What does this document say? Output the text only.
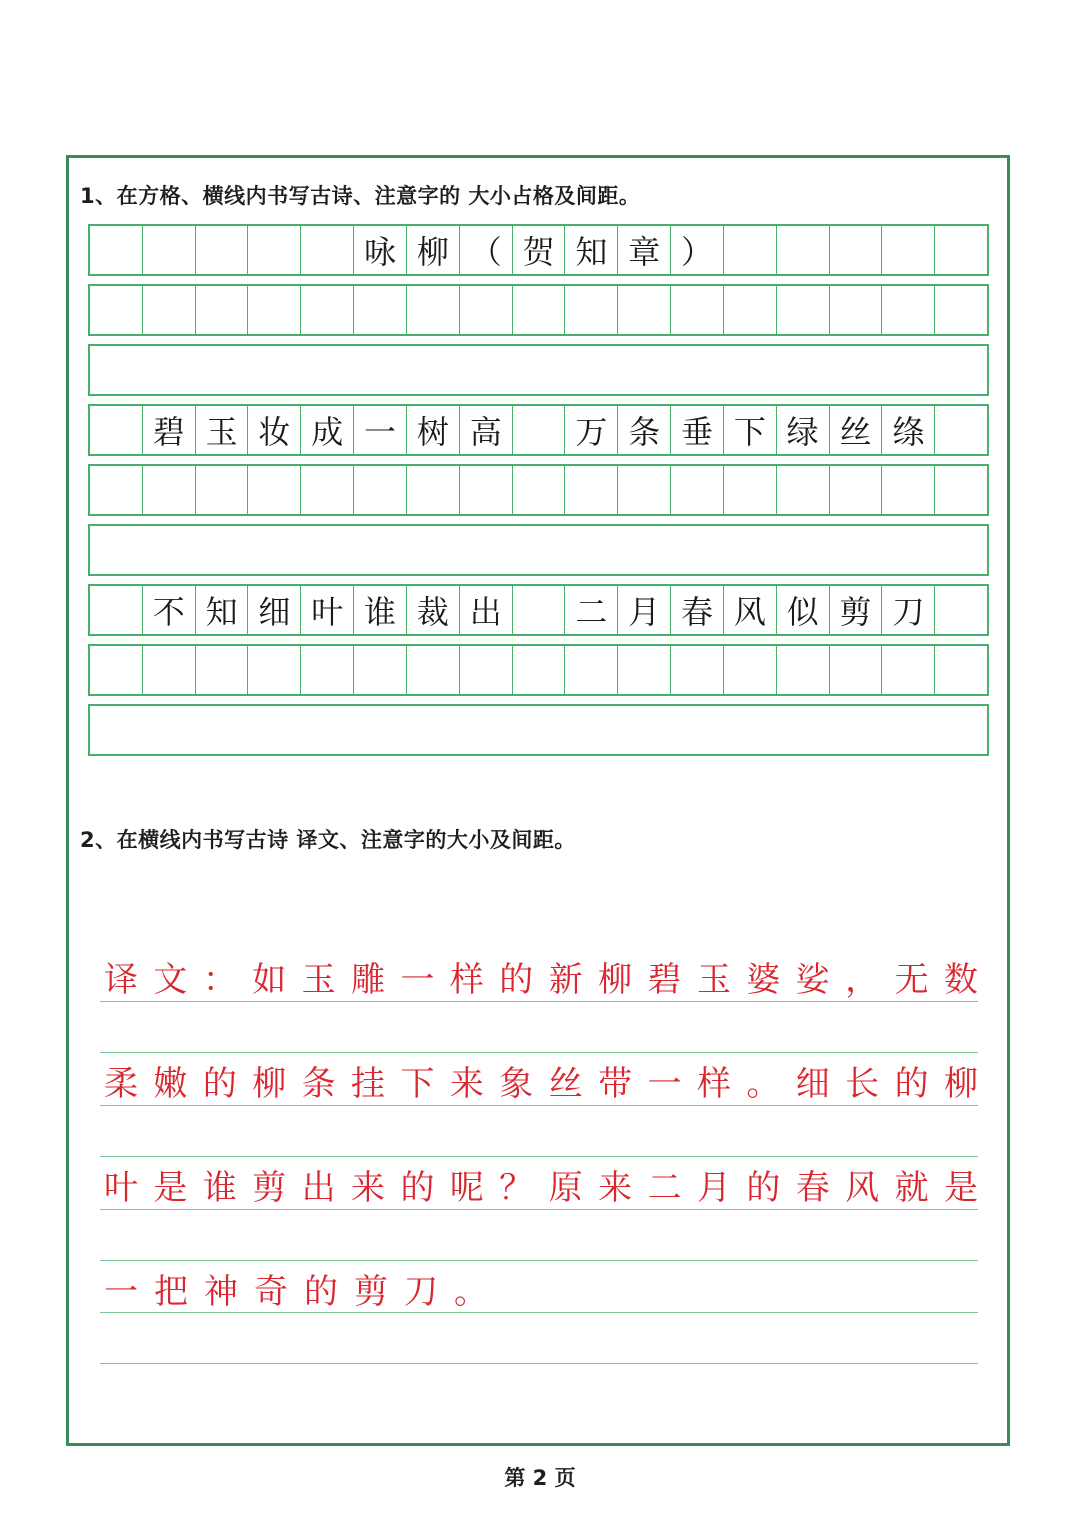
1、在方格、横线内书写古诗、注意字的 大小占格及间距。
咏 柳 （ 贺 知 章 ）
碧 玉 妆 成 一 树 高	万 条 垂 下 绿 丝 绦
不 知 细 叶 谁 裁 出	二 月 春 风 似 剪 刀
2、在横线内书写古诗 译文、注意字的大小及间距。
译文：如玉雕一样的新柳碧玉婆娑，无数
柔嫩的柳条挂下来象丝带一样。细长的柳
叶是谁剪出来的呢？原来二月的春风就是
一把神奇的剪刀。
第 2 页
